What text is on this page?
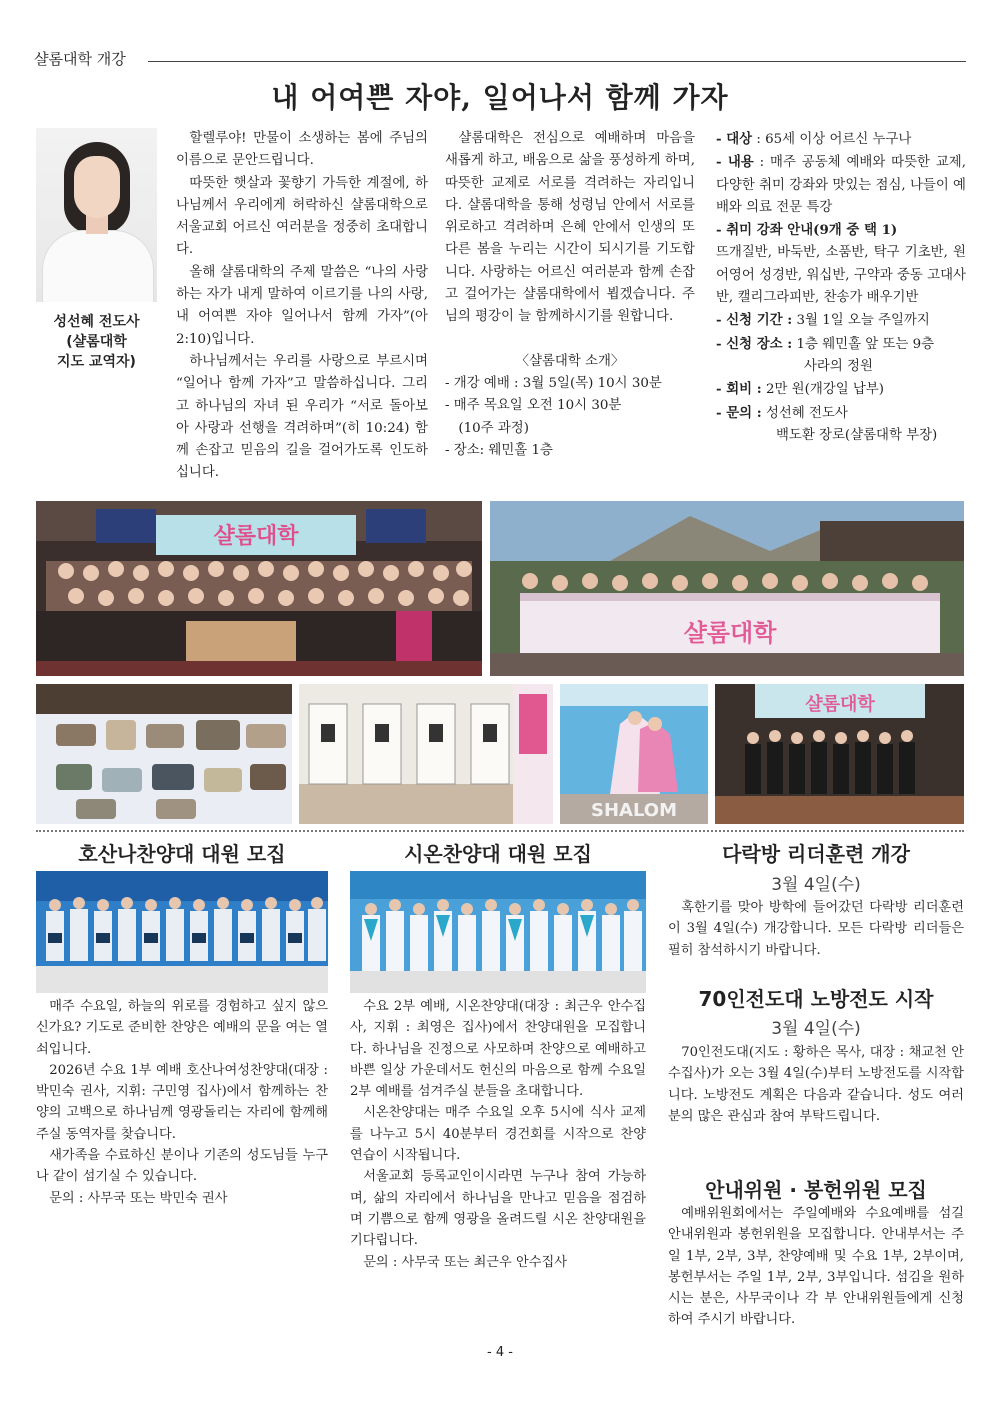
샬롬대학 개강
내 어여쁜 자야, 일어나서 함께 가자
성선혜 전도사
(샬롬대학
지도 교역자)

할렐루야! 만물이 소생하는 봄에 주님의 이름으로 문안드립니다.

따뜻한 햇살과 꽃향기 가득한 계절에, 하나님께서 우리에게 허락하신 샬롬대학으로 서울교회 어르신 여러분을 정중히 초대합니다.

올해 샬롬대학의 주제 말씀은 “나의 사랑하는 자가 내게 말하여 이르기를 나의 사랑, 내 어여쁜 자야 일어나서 함께 가자”(아 2:10)입니다.

하나님께서는 우리를 사랑으로 부르시며 “일어나 함께 가자”고 말씀하십니다. 그리고 하나님의 자녀 된 우리가 “서로 돌아보아 사랑과 선행을 격려하며”(히 10:24) 함께 손잡고 믿음의 길을 걸어가도록 인도하십니다.

샬롬대학은 전심으로 예배하며 마음을 새롭게 하고, 배움으로 삶을 풍성하게 하며, 따뜻한 교제로 서로를 격려하는 자리입니다. 샬롬대학을 통해 성령님 안에서 서로를 위로하고 격려하며 은혜 안에서 인생의 또 다른 봄을 누리는 시간이 되시기를 기도합니다. 사랑하는 어르신 여러분과 함께 손잡고 걸어가는 샬롬대학에서 뵙겠습니다. 주님의 평강이 늘 함께하시기를 원합니다.

〈샬롬대학 소개〉

- 개강 예배 : 3월 5일(목) 10시 30분

- 매주 목요일 오전 10시 30분

(10주 과정)

- 장소: 웨민홀 1층

- 대상 : 65세 이상 어르신 누구나

- 내용 : 매주 공동체 예배와 따뜻한 교제, 다양한 취미 강좌와 맛있는 점심, 나들이 예배와 의료 전문 특강

- 취미 강좌 안내(9개 중 택 1)

뜨개질반, 바둑반, 소품반, 탁구 기초반, 원어영어 성경반, 워십반, 구약과 중동 고대사반, 캘리그라피반, 찬송가 배우기반

- 신청 기간 : 3월 1일 오늘 주일까지

- 신청 장소 : 1층 웨민홀 앞 또는 9층

사라의 정원

- 회비 : 2만 원(개강일 납부)

- 문의 : 성선혜 전도사

백도환 장로(샬롬대학 부장)

샬롬대학
샬롬대학
SHALOM
샬롬대학
호산나찬양대 대원 모집

매주 수요일, 하늘의 위로를 경험하고 싶지 않으신가요? 기도로 준비한 찬양은 예배의 문을 여는 열쇠입니다.

2026년 수요 1부 예배 호산나여성찬양대(대장 : 박민숙 권사, 지휘: 구민영 집사)에서 함께하는 찬양의 고백으로 하나님께 영광돌리는 자리에 함께해 주실 동역자를 찾습니다.

새가족을 수료하신 분이나 기존의 성도님들 누구나 같이 섬기실 수 있습니다.

문의 : 사무국 또는 박민숙 권사

시온찬양대 대원 모집

수요 2부 예배, 시온찬양대(대장 : 최근우 안수집사, 지휘 : 최영은 집사)에서 찬양대원을 모집합니다. 하나님을 진정으로 사모하며 찬양으로 예배하고 바쁜 일상 가운데서도 헌신의 마음으로 함께 수요일 2부 예배를 섬겨주실 분들을 초대합니다.

시온찬양대는 매주 수요일 오후 5시에 식사 교제를 나누고 5시 40분부터 경건회를 시작으로 찬양 연습이 시작됩니다.

서울교회 등록교인이시라면 누구나 참여 가능하며, 삶의 자리에서 하나님을 만나고 믿음을 점검하며 기쁨으로 함께 영광을 올려드릴 시온 찬양대원을 기다립니다.

문의 : 사무국 또는 최근우 안수집사

다락방 리더훈련 개강
3월 4일(수)

혹한기를 맞아 방학에 들어갔던 다락방 리더훈련이 3월 4일(수) 개강합니다. 모든 다락방 리더들은 필히 참석하시기 바랍니다.

70인전도대 노방전도 시작
3월 4일(수)

70인전도대(지도 : 황하은 목사, 대장 : 채교천 안수집사)가 오는 3월 4일(수)부터 노방전도를 시작합니다. 노방전도 계획은 다음과 같습니다. 성도 여러분의 많은 관심과 참여 부탁드립니다.

안내위원 · 봉헌위원 모집

예배위원회에서는 주일예배와 수요예배를 섬길 안내위원과 봉헌위원을 모집합니다. 안내부서는 주일 1부, 2부, 3부, 찬양예배 및 수요 1부, 2부이며, 봉헌부서는 주일 1부, 2부, 3부입니다. 섬김을 원하시는 분은, 사무국이나 각 부 안내위원들에게 신청하여 주시기 바랍니다.

- 4 -
